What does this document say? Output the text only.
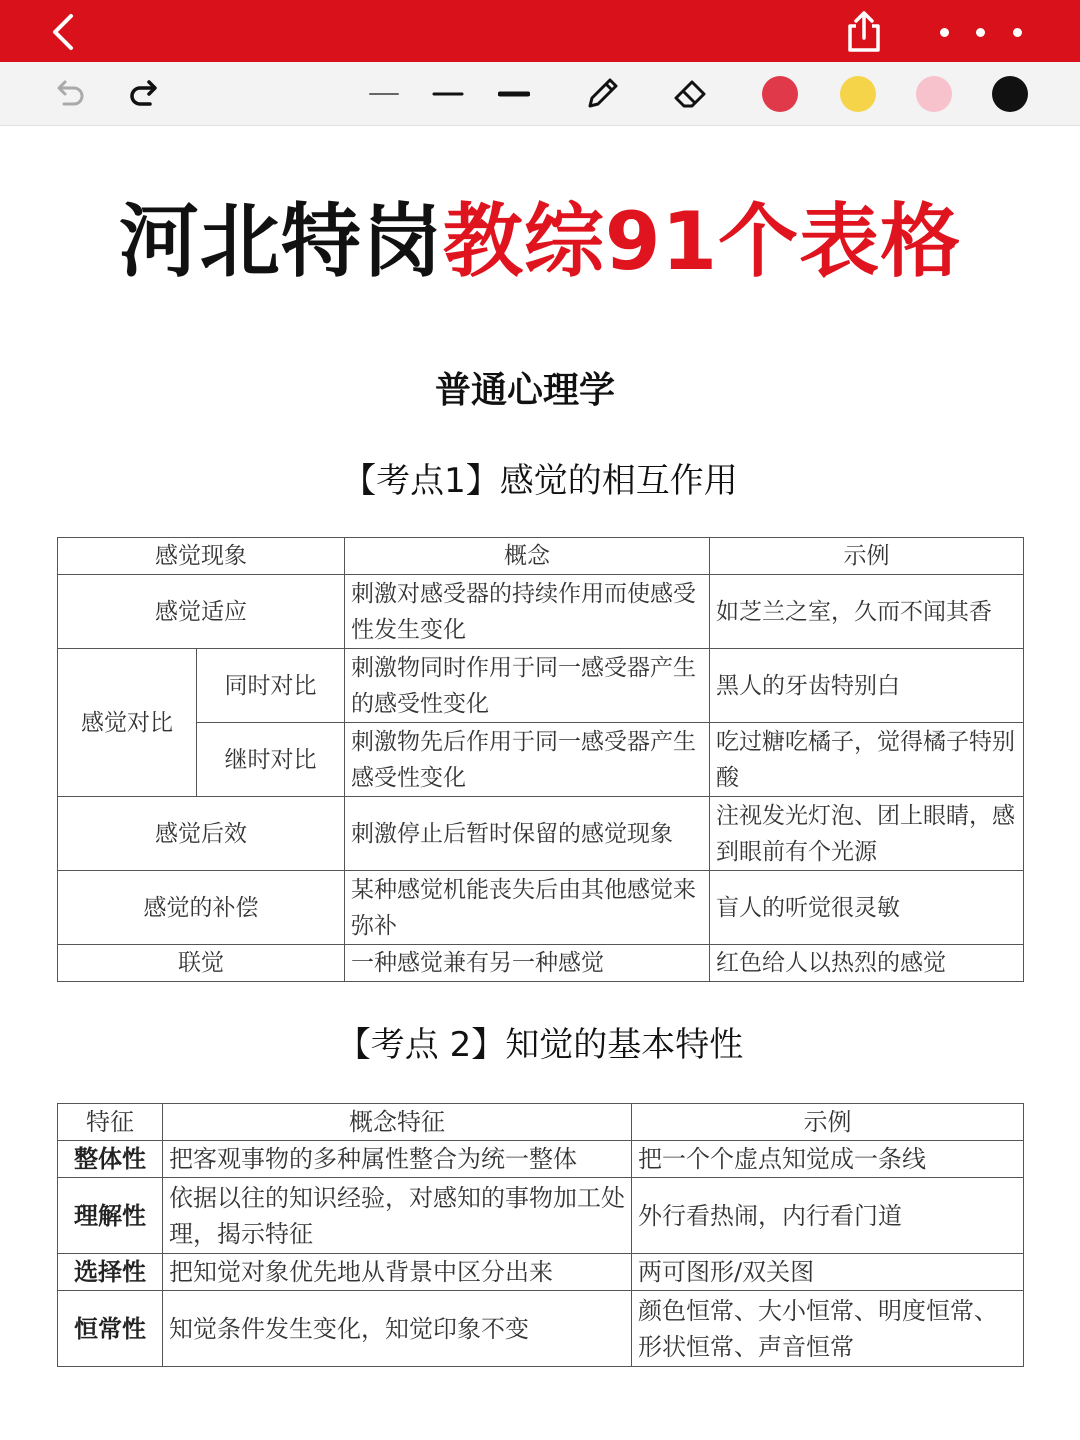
河北特岗教综91个表格
普通心理学
【考点1】感觉的相互作用
感觉现象		概念	示例
感觉适应		刺激对感受器的持续作用而使感受性发生变化	如芝兰之室，久而不闻其香
感觉对比	同时对比	刺激物同时作用于同一感受器产生的感受性变化	黑人的牙齿特别白
	继时对比	刺激物先后作用于同一感受器产生感受性变化	吃过糖吃橘子，觉得橘子特别酸
感觉后效		刺激停止后暂时保留的感觉现象	注视发光灯泡、团上眼睛，感到眼前有个光源
感觉的补偿		某种感觉机能丧失后由其他感觉来弥补	盲人的听觉很灵敏
联觉		一种感觉兼有另一种感觉	红色给人以热烈的感觉
【考点 2】知觉的基本特性
特征	概念特征	示例
整体性	把客观事物的多种属性整合为统一整体	把一个个虚点知觉成一条线
理解性	依据以往的知识经验，对感知的事物加工处理，揭示特征	外行看热闹，内行看门道
选择性	把知觉对象优先地从背景中区分出来	两可图形/双关图
恒常性	知觉条件发生变化，知觉印象不变	颜色恒常、大小恒常、明度恒常、形状恒常、声音恒常
